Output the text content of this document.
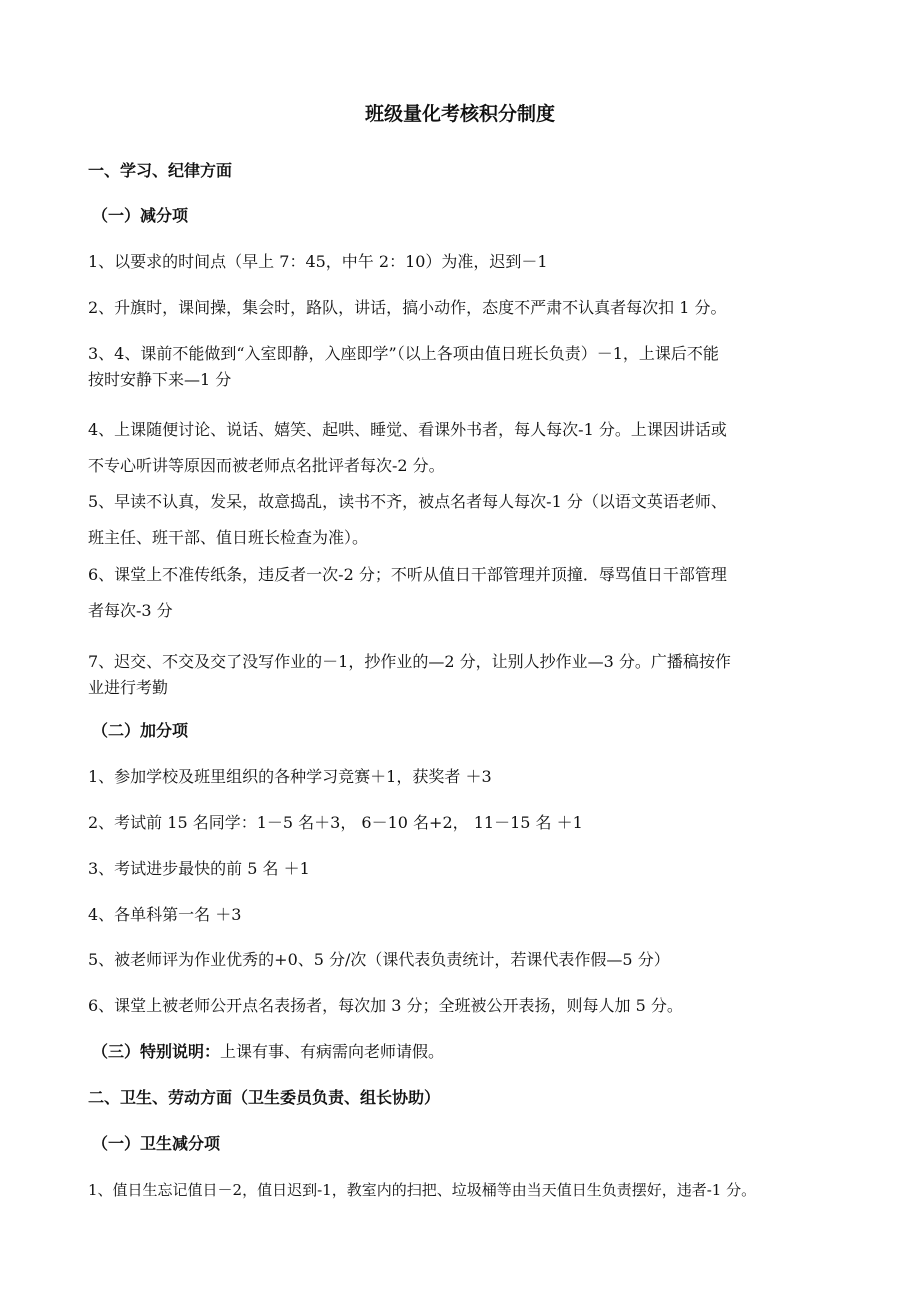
班级量化考核积分制度
一、学习、纪律方面
（一）减分项
1、以要求的时间点（早上 7：45，中午 2：10）为准，迟到－1
2、升旗时，课间操，集会时，路队，讲话，搞小动作，态度不严肃不认真者每次扣 1 分。
3、4、课前不能做到“入室即静，入座即学”（以上各项由值日班长负责）－1，上课后不能
按时安静下来—1 分
4、上课随便讨论、说话、嬉笑、起哄、睡觉、看课外书者，每人每次-1 分。上课因讲话或
不专心听讲等原因而被老师点名批评者每次-2 分。
5、早读不认真，发呆，故意捣乱，读书不齐，被点名者每人每次-1 分（以语文英语老师、
班主任、班干部、值日班长检查为准）。
6、课堂上不准传纸条，违反者一次-2 分；不听从值日干部管理并顶撞．辱骂值日干部管理
者每次-3 分
7、迟交、不交及交了没写作业的－1，抄作业的—2 分，让别人抄作业—3 分。广播稿按作
业进行考勤
（二）加分项
1、参加学校及班里组织的各种学习竞赛＋1，获奖者 ＋3
2、考试前 15 名同学：1－5 名＋3， 6－10 名+2， 11－15 名 ＋1
3、考试进步最快的前 5 名 ＋1
4、各单科第一名 ＋3
5、被老师评为作业优秀的+0、5 分/次（课代表负责统计，若课代表作假—5 分）
6、课堂上被老师公开点名表扬者，每次加 3 分；全班被公开表扬，则每人加 5 分。
（三）特别说明：上课有事、有病需向老师请假。
二、卫生、劳动方面（卫生委员负责、组长协助）
（一）卫生减分项
1、值日生忘记值日－2，值日迟到-1，教室内的扫把、垃圾桶等由当天值日生负责摆好，违者-1 分。
